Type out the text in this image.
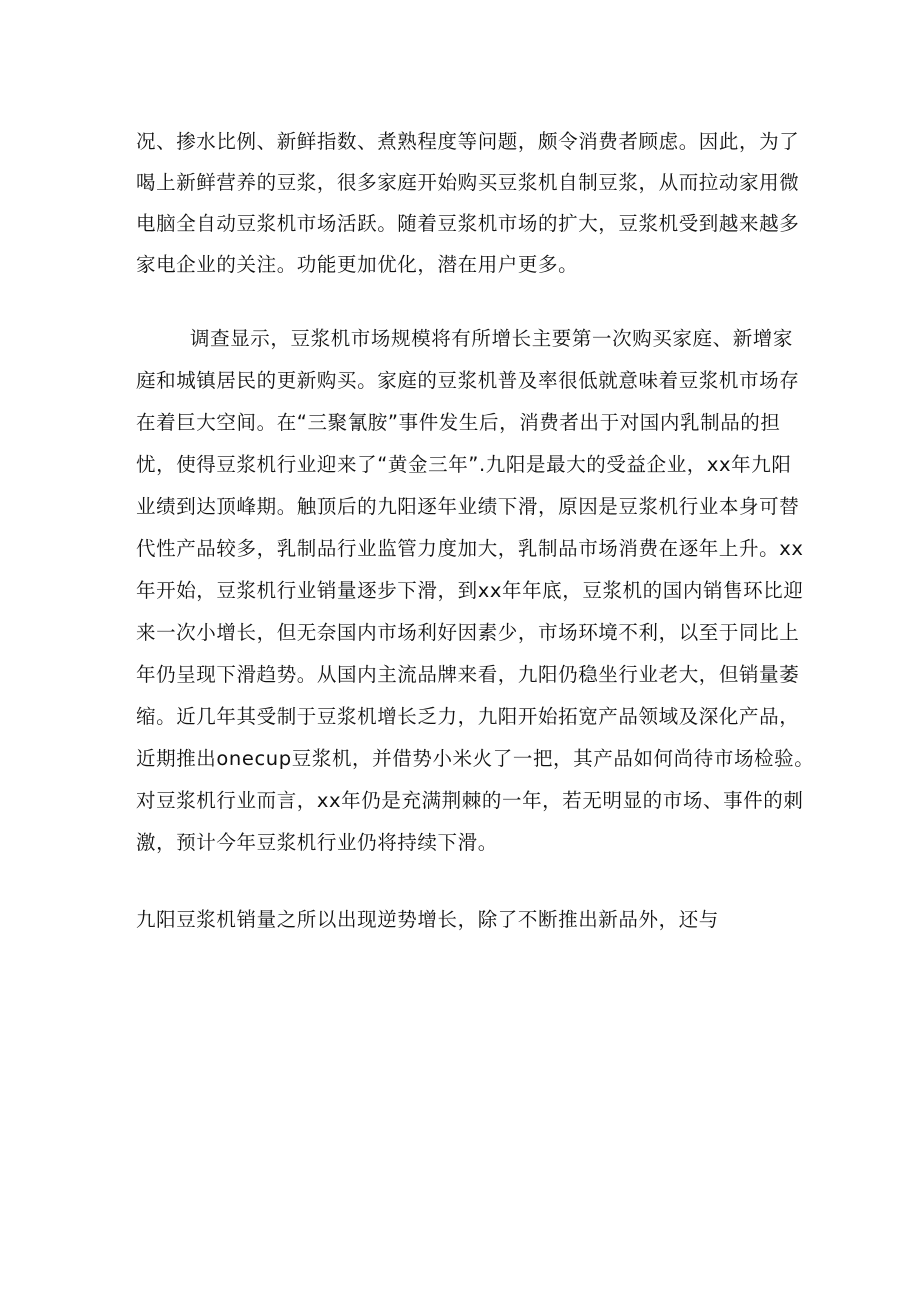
况、掺水比例、新鲜指数、煮熟程度等问题，颇令消费者顾虑。因此，为了
喝上新鲜营养的豆浆，很多家庭开始购买豆浆机自制豆浆，从而拉动家用微
电脑全自动豆浆机市场活跃。随着豆浆机市场的扩大，豆浆机受到越来越多
家电企业的关注。功能更加优化，潜在用户更多。
调查显示，豆浆机市场规模将有所增长主要第一次购买家庭、新增家
庭和城镇居民的更新购买。家庭的豆浆机普及率很低就意味着豆浆机市场存
在着巨大空间。在“三聚氰胺”事件发生后，消费者出于对国内乳制品的担
忧，使得豆浆机行业迎来了“黄金三年”.九阳是最大的受益企业，xx年九阳
业绩到达顶峰期。触顶后的九阳逐年业绩下滑，原因是豆浆机行业本身可替
代性产品较多，乳制品行业监管力度加大，乳制品市场消费在逐年上升。xx
年开始，豆浆机行业销量逐步下滑，到xx年年底，豆浆机的国内销售环比迎
来一次小增长，但无奈国内市场利好因素少，市场环境不利，以至于同比上
年仍呈现下滑趋势。从国内主流品牌来看，九阳仍稳坐行业老大，但销量萎
缩。近几年其受制于豆浆机增长乏力，九阳开始拓宽产品领域及深化产品，
近期推出onecup豆浆机，并借势小米火了一把，其产品如何尚待市场检验。
对豆浆机行业而言，xx年仍是充满荆棘的一年，若无明显的市场、事件的刺
激，预计今年豆浆机行业仍将持续下滑。
九阳豆浆机销量之所以出现逆势增长，除了不断推出新品外，还与
